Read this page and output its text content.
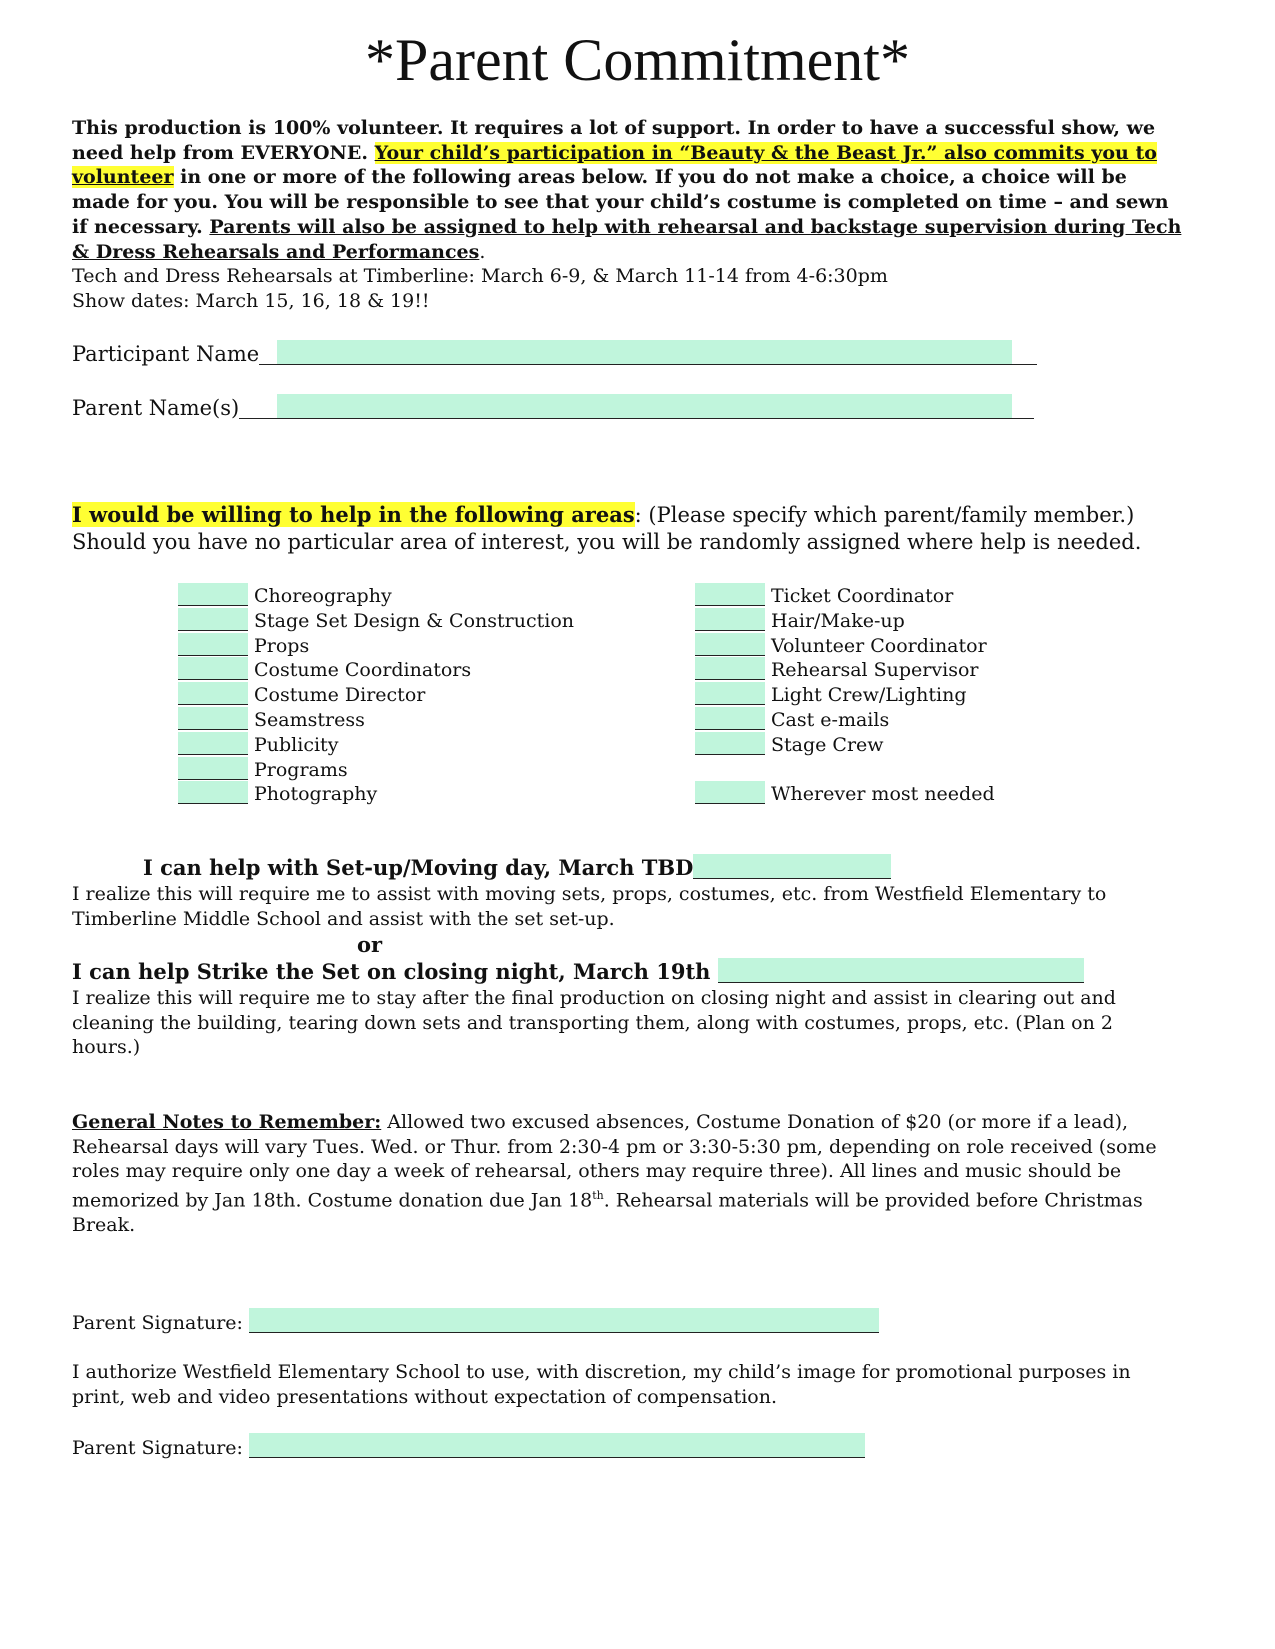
*Parent Commitment*
This production is 100% volunteer. It requires a lot of support. In order to have a successful show, we need help from EVERYONE. Your child’s participation in “Beauty & the Beast Jr.” also commits you to volunteer in one or more of the following areas below. If you do not make a choice, a choice will be made for you. You will be responsible to see that your child’s costume is completed on time – and sewn if necessary. Parents will also be assigned to help with rehearsal and backstage supervision during Tech & Dress Rehearsals and Performances.
Tech and Dress Rehearsals at Timberline: March 6-9, & March 11-14 from 4-6:30pm
Show dates: March 15, 16, 18 & 19!!
Participant Name
Parent Name(s)
I would be willing to help in the following areas: (Please specify which parent/family member.)
Should you have no particular area of interest, you will be randomly assigned where help is needed.
Choreography
Stage Set Design & Construction
Props
Costume Coordinators
Costume Director
Seamstress
Publicity
Programs
Photography
Ticket Coordinator
Hair/Make-up
Volunteer Coordinator
Rehearsal Supervisor
Light Crew/Lighting
Cast e-mails
Stage Crew
Wherever most needed
I can help with Set-up/Moving day, March TBD
I realize this will require me to assist with moving sets, props, costumes, etc. from Westfield Elementary to Timberline Middle School and assist with the set set-up.
or
I can help Strike the Set on closing night, March 19th
I realize this will require me to stay after the final production on closing night and assist in clearing out and cleaning the building, tearing down sets and transporting them, along with costumes, props, etc. (Plan on 2 hours.)
General Notes to Remember: Allowed two excused absences, Costume Donation of $20 (or more if a lead), Rehearsal days will vary Tues. Wed. or Thur. from 2:30-4 pm or 3:30-5:30 pm, depending on role received (some roles may require only one day a week of rehearsal, others may require three). All lines and music should be memorized by Jan 18th. Costume donation due Jan 18th. Rehearsal materials will be provided before Christmas Break.
Parent Signature:
I authorize Westfield Elementary School to use, with discretion, my child’s image for promotional purposes in print, web and video presentations without expectation of compensation.
Parent Signature:
